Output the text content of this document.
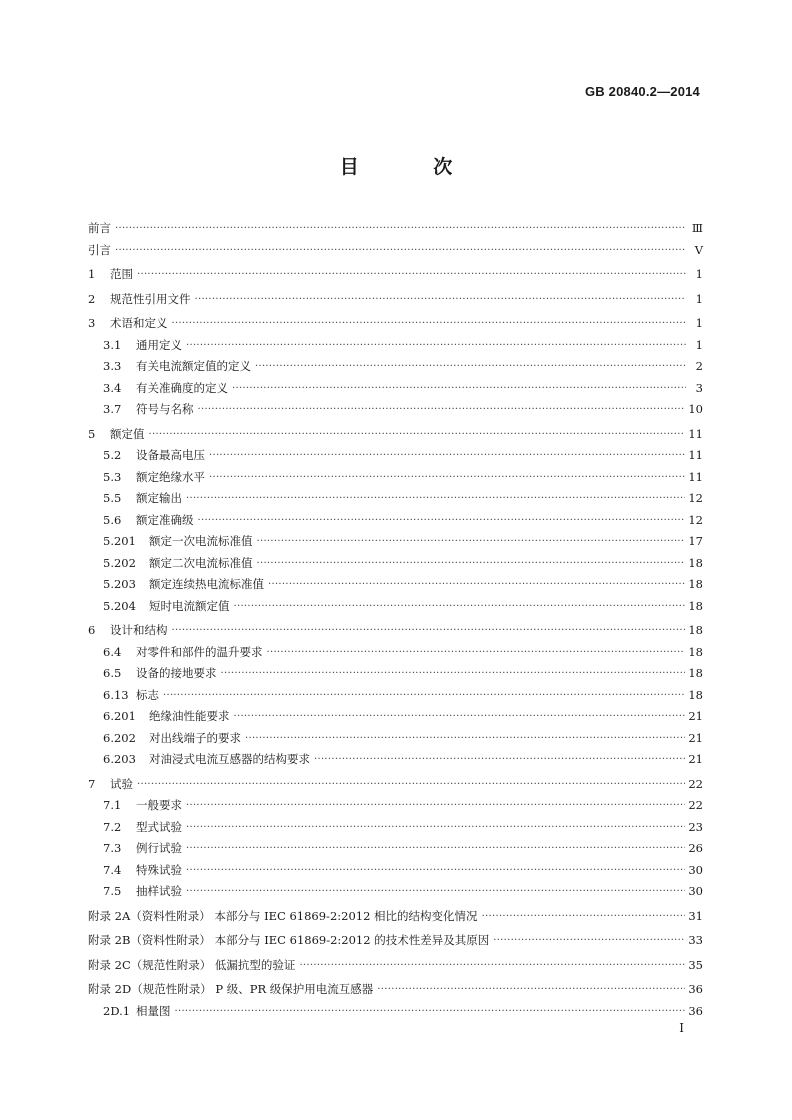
GB 20840.2—2014
目 次
前言 ·····	Ⅲ
引言 ·····	Ⅴ
1	范围 ·····	1
2	规范性引用文件 ·····	1
3	术语和定义 ·····	1
3.1	通用定义 ·····	1
3.3	有关电流额定值的定义 ·····	2
3.4	有关准确度的定义 ·····	3
3.7	符号与名称 ·····	10
5	额定值 ·····	11
5.2	设备最高电压 ·····	11
5.3	额定绝缘水平 ·····	11
5.5	额定输出 ·····	12
5.6	额定准确级 ·····	12
5.201	额定一次电流标准值 ·····	17
5.202	额定二次电流标准值 ·····	18
5.203	额定连续热电流标准值 ·····	18
5.204	短时电流额定值 ·····	18
6	设计和结构 ·····	18
6.4	对零件和部件的温升要求 ·····	18
6.5	设备的接地要求 ·····	18
6.13 标志 ·····	18
6.201	绝缘油性能要求 ·····	21
6.202	对出线端子的要求 ·····	21
6.203	对油浸式电流互感器的结构要求 ·····	21
7	试验 ·····	22
7.1	一般要求 ·····	22
7.2	型式试验 ·····	23
7.3	例行试验 ·····	26
7.4	特殊试验 ·····	30
7.5	抽样试验 ·····	30
附录 2A（资料性附录） 本部分与 IEC 61869-2:2012 相比的结构变化情况 ·····	31
附录 2B（资料性附录） 本部分与 IEC 61869-2:2012 的技术性差异及其原因 ·····	33
附录 2C（规范性附录） 低漏抗型的验证 ·····	35
附录 2D（规范性附录） P 级、PR 级保护用电流互感器 ·····	36
2D.1 相量图 ·····	36
I
